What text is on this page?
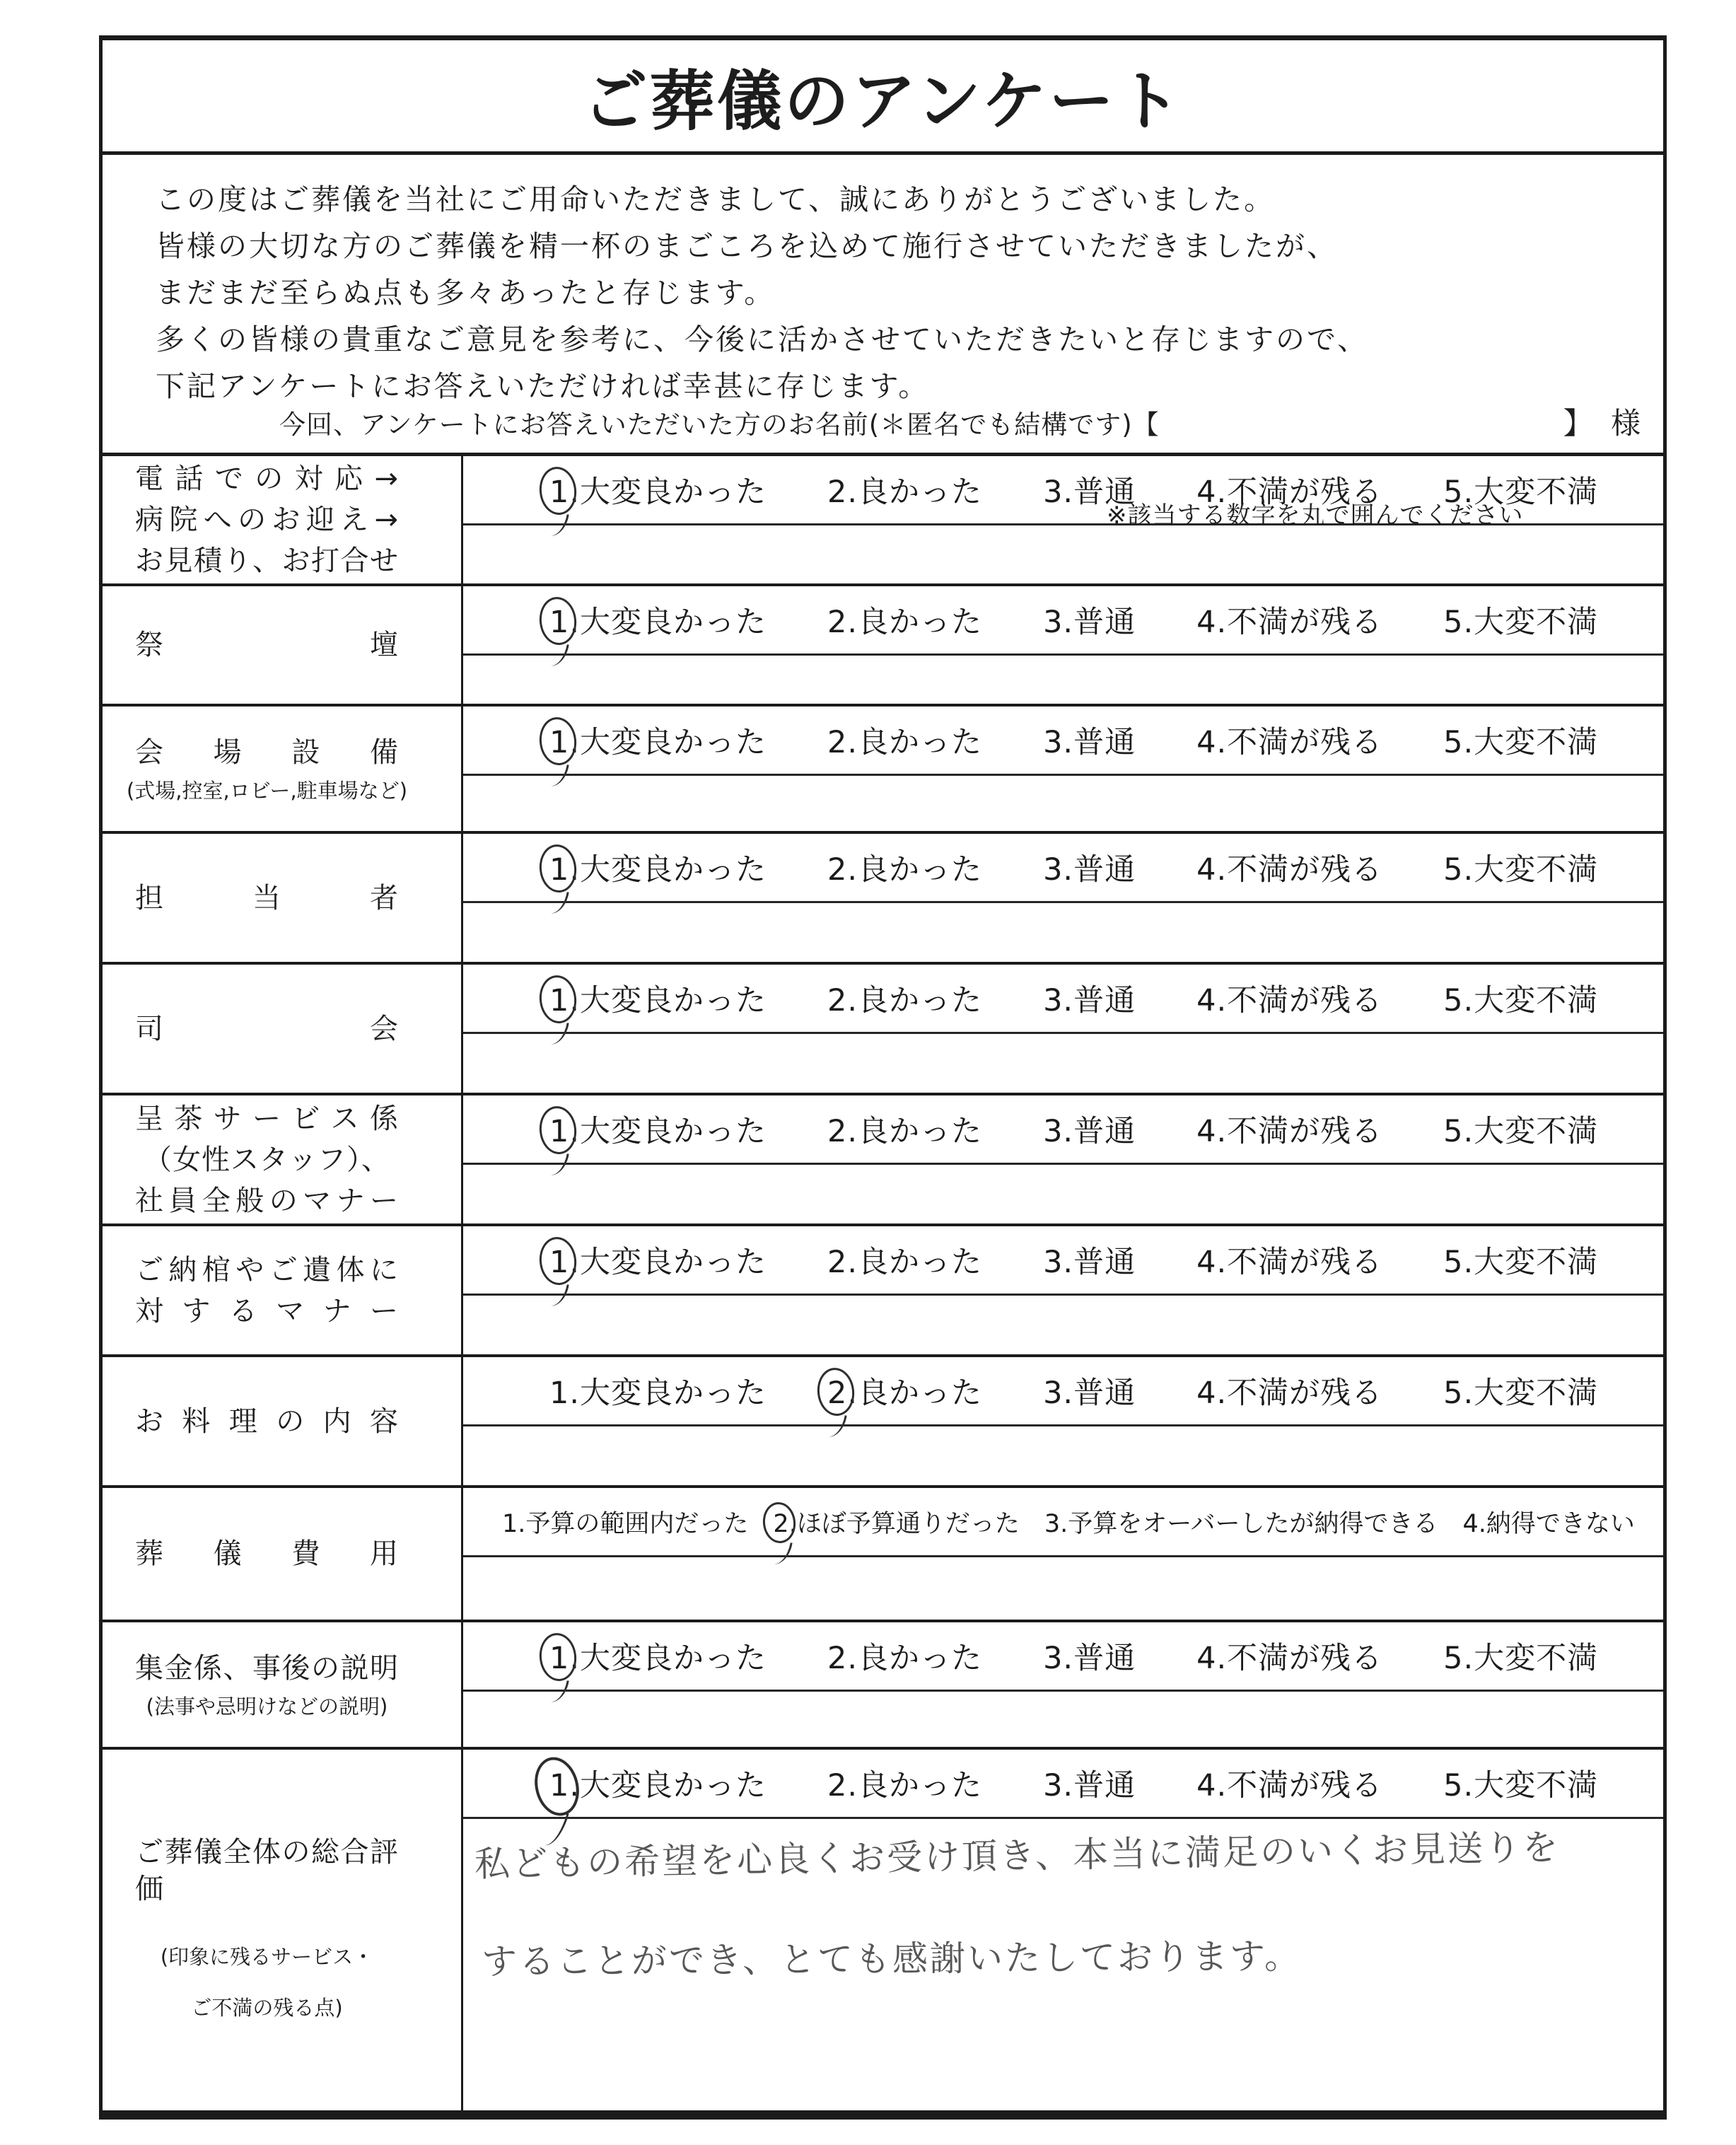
ご葬儀のアンケート
この度はご葬儀を当社にご用命いただきまして、誠にありがとうございました。
皆様の大切な方のご葬儀を精一杯のまごころを込めて施行させていただきましたが、
まだまだ至らぬ点も多々あったと存じます。
多くの皆様の貴重なご意見を参考に、今後に活かさせていただきたいと存じますので、
下記アンケートにお答えいただければ幸甚に存じます。
※該当する数字を丸で囲んでください
今回、アンケートにお答えいただいた方のお名前(＊匿名でも結構です)【	】 様
電話での対応→
病院へのお迎え→
お見積り、お打合せ
1.大変良かった 2.良かった 3.普通 4.不満が残る 5.大変不満
祭壇
1.大変良かった 2.良かった 3.普通 4.不満が残る 5.大変不満
会場設備
(式場,控室,ロビー,駐車場など)
1.大変良かった 2.良かった 3.普通 4.不満が残る 5.大変不満
担当者
1.大変良かった 2.良かった 3.普通 4.不満が残る 5.大変不満
司会
1.大変良かった 2.良かった 3.普通 4.不満が残る 5.大変不満
呈茶サービス係
（女性スタッフ）、
社員全般のマナー
1.大変良かった 2.良かった 3.普通 4.不満が残る 5.大変不満
ご納棺やご遺体に
対するマナー
1.大変良かった 2.良かった 3.普通 4.不満が残る 5.大変不満
お料理の内容
1.大変良かった 2.良かった 3.普通 4.不満が残る 5.大変不満
葬儀費用
1.予算の範囲内だった 2.ほぼ予算通りだった 3.予算をオーバーしたが納得できる 4.納得できない
集金係、事後の説明
(法事や忌明けなどの説明)
1.大変良かった 2.良かった 3.普通 4.不満が残る 5.大変不満
ご葬儀全体の総合評価
(印象に残るサービス・
ご不満の残る点)
1.大変良かった 2.良かった 3.普通 4.不満が残る 5.大変不満
私どもの希望を心良くお受け頂き、本当に満足のいくお見送りを
することができ、とても感謝いたしております。
